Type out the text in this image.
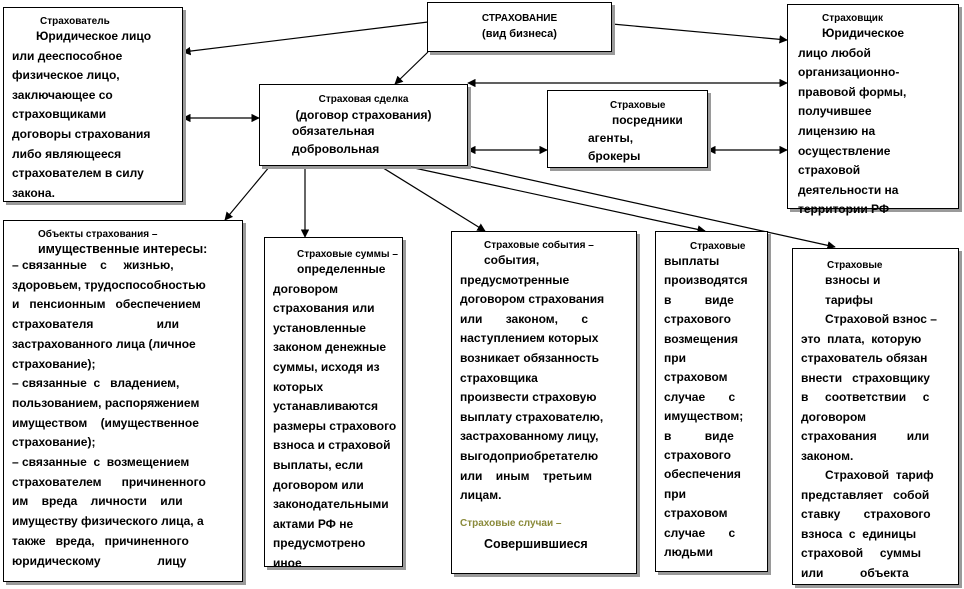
СТРАХОВАНИЕ
(вид бизнеса)
Страхователь
Юридическое лицо
или дееспособное
физическое лицо,
заключающее со
страховщиками
договоры страхования
либо являющееся
страхователем в силу
закона.
Страховщик
Юридическое
лицо любой
организационно-
правовой формы,
получившее
лицензию на
осуществление
страховой
деятельности на
территории РФ
Страховая сделка
(договор страхования)
обязательная
добровольная
Страховые
посредники
агенты,
брокеры
Объекты страхования –
имущественные интересы:
– связанные    с     жизнью,
здоровьем, трудоспособностью
и   пенсионным   обеспечением
страхователя                   или
застрахованного лица (личное
страхование);
– связанные  с   владением,
пользованием, распоряжением
имуществом    (имущественное
страхование);
– связанные  с  возмещением
страхователем      причиненного
им    вреда    личности    или
имуществу физического лица, а
также   вреда,   причиненного
юридическому                 лицу
Страховые суммы –
определенные
договором
страхования или
установленные
законом денежные
суммы, исходя из
которых
устанавливаются
размеры страхового
взноса и страховой
выплаты, если
договором или
законодательными
актами РФ не
предусмотрено
иное
Страховые события –
события,
предусмотренные
договором страхования
или       законом,       с
наступлением которых
возникает обязанность
страховщика
произвести страховую
выплату страхователю,
застрахованному лицу,
выгодоприобретателю
или    иным    третьим
лицам.
Страховые случаи –
Совершившиеся
Страховые
выплаты
производятся
в          виде
страхового
возмещения
при
страховом
случае       с
имуществом;
в          виде
страхового
обеспечения
при
страховом
случае       с
людьми
Страховые
взносы и
тарифы
Страховой взнос –
это  плата,  которую
страхователь обязан
внести   страховщику
в     соответствии     с
договором
страхования         или
законом.
Страховой  тариф
представляет   собой
ставку       страхового
взноса  с  единицы
страховой     суммы
или           объекта
